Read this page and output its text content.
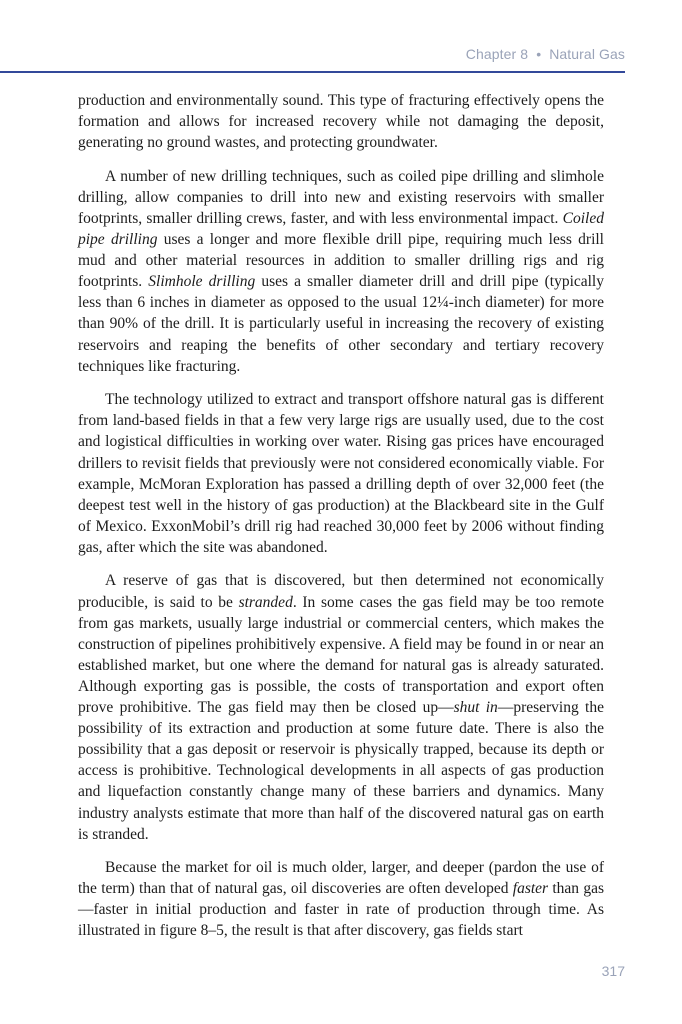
Chapter 8 • Natural Gas

production and environmentally sound. This type of fracturing effectively opens the formation and allows for increased recovery while not damaging the deposit, generating no ground wastes, and protecting groundwater.

A number of new drilling techniques, such as coiled pipe drilling and slimhole drilling, allow companies to drill into new and existing reservoirs with smaller footprints, smaller drilling crews, faster, and with less environmental impact. Coiled pipe drilling uses a longer and more flexible drill pipe, requiring much less drill mud and other material resources in addition to smaller drilling rigs and rig footprints. Slimhole drilling uses a smaller diameter drill and drill pipe (typically less than 6 inches in diameter as opposed to the usual 12¼-inch diameter) for more than 90% of the drill. It is particularly useful in increasing the recovery of existing reservoirs and reaping the benefits of other secondary and tertiary recovery techniques like fracturing.

The technology utilized to extract and transport offshore natural gas is different from land-based fields in that a few very large rigs are usually used, due to the cost and logistical difficulties in working over water. Rising gas prices have encouraged drillers to revisit fields that previously were not considered economically viable. For example, McMoran Exploration has passed a drilling depth of over 32,000 feet (the deepest test well in the history of gas production) at the Blackbeard site in the Gulf of Mexico. ExxonMobil’s drill rig had reached 30,000 feet by 2006 without finding gas, after which the site was abandoned.

A reserve of gas that is discovered, but then determined not economically producible, is said to be stranded. In some cases the gas field may be too remote from gas markets, usually large industrial or commercial centers, which makes the construction of pipelines prohibitively expensive. A field may be found in or near an established market, but one where the demand for natural gas is already saturated. Although exporting gas is possible, the costs of transportation and export often prove prohibitive. The gas field may then be closed up—shut in—preserving the possibility of its extraction and production at some future date. There is also the possibility that a gas deposit or reservoir is physically trapped, because its depth or access is prohibitive. Technological developments in all aspects of gas production and liquefaction constantly change many of these barriers and dynamics. Many industry analysts estimate that more than half of the discovered natural gas on earth is stranded.

Because the market for oil is much older, larger, and deeper (pardon the use of the term) than that of natural gas, oil discoveries are often developed faster than gas—faster in initial production and faster in rate of production through time. As illustrated in figure 8–5, the result is that after discovery, gas fields start

317
